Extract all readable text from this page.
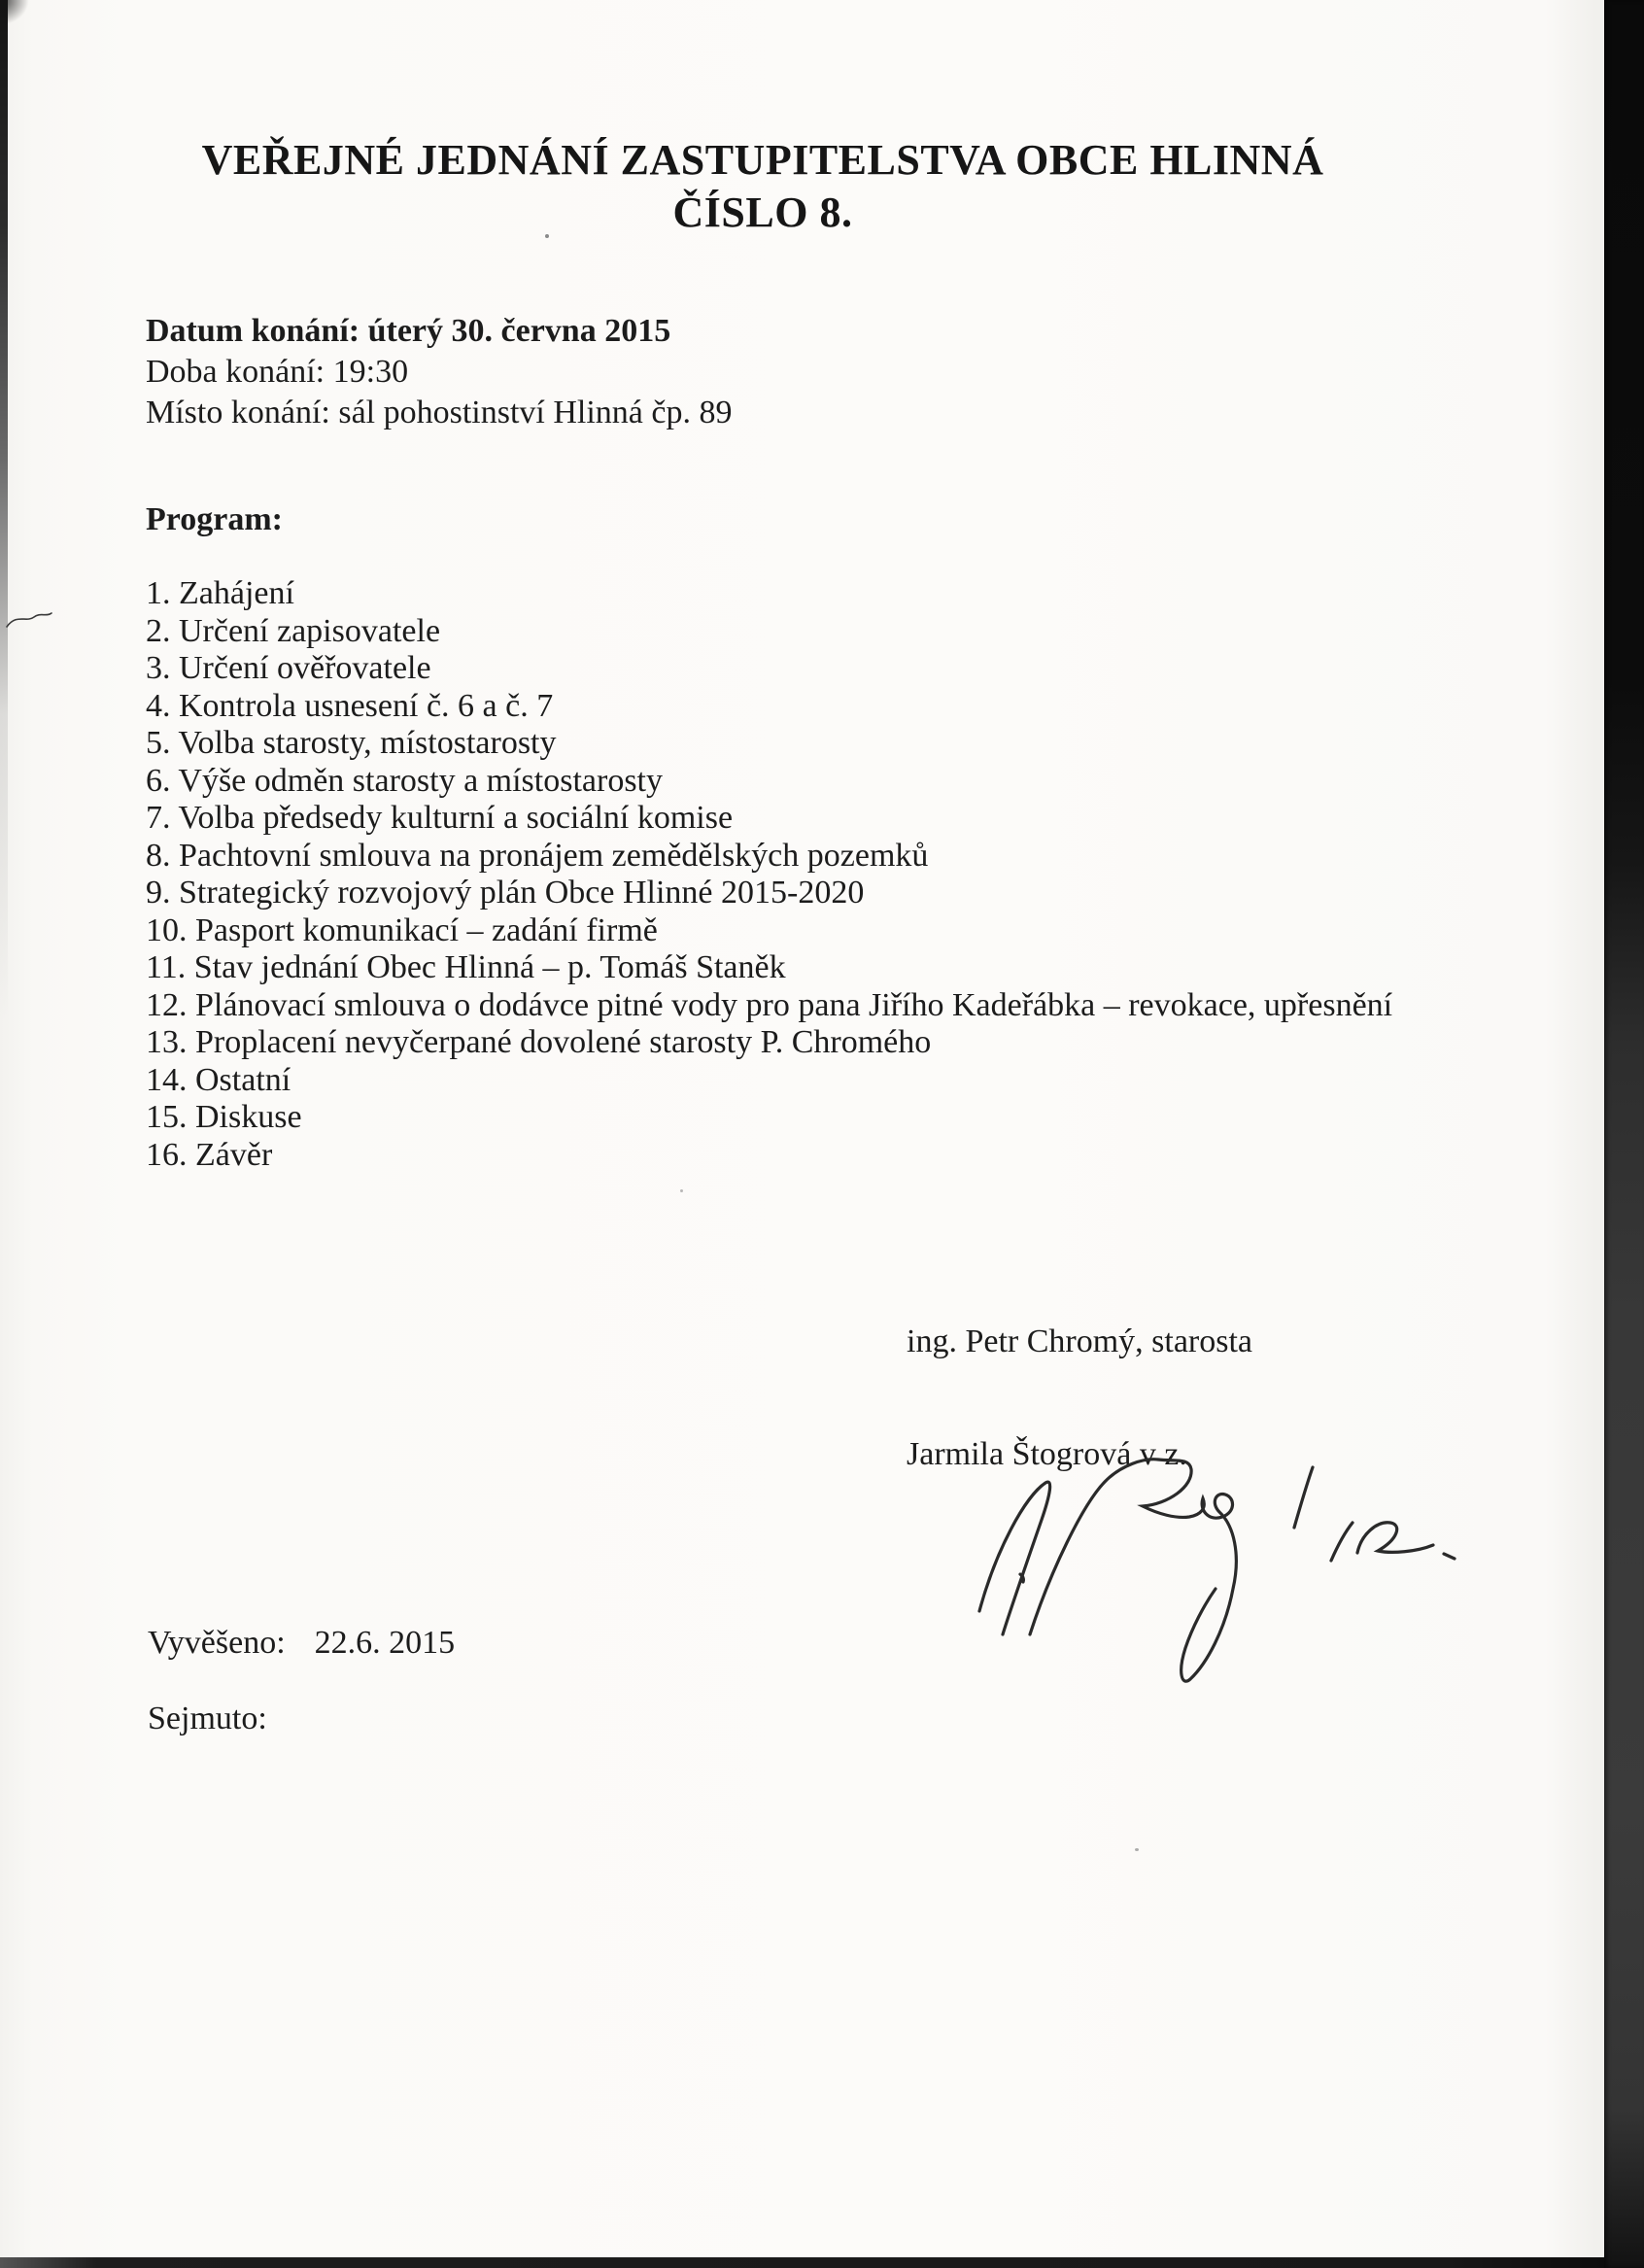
VEŘEJNÉ JEDNÁNÍ ZASTUPITELSTVA OBCE HLINNÁ
ČÍSLO 8.
Datum konání: úterý 30. června 2015
Doba konání: 19:30
Místo konání: sál pohostinství Hlinná čp. 89
Program:
1. Zahájení
2. Určení zapisovatele
3. Určení ověřovatele
4. Kontrola usnesení č. 6 a č. 7
5. Volba starosty, místostarosty
6. Výše odměn starosty a místostarosty
7. Volba předsedy kulturní a sociální komise
8. Pachtovní smlouva na pronájem zemědělských pozemků
9. Strategický rozvojový plán Obce Hlinné 2015-2020
10. Pasport komunikací – zadání firmě
11. Stav jednání Obec Hlinná – p. Tomáš Staněk
12. Plánovací smlouva o dodávce pitné vody pro pana Jiřího Kadeřábka – revokace, upřesnění
13. Proplacení nevyčerpané dovolené starosty P. Chromého
14. Ostatní
15. Diskuse
16. Závěr
ing. Petr Chromý, starosta
Jarmila Štogrová v z.
Vyvěšeno: 22.6. 2015
Sejmuto:
